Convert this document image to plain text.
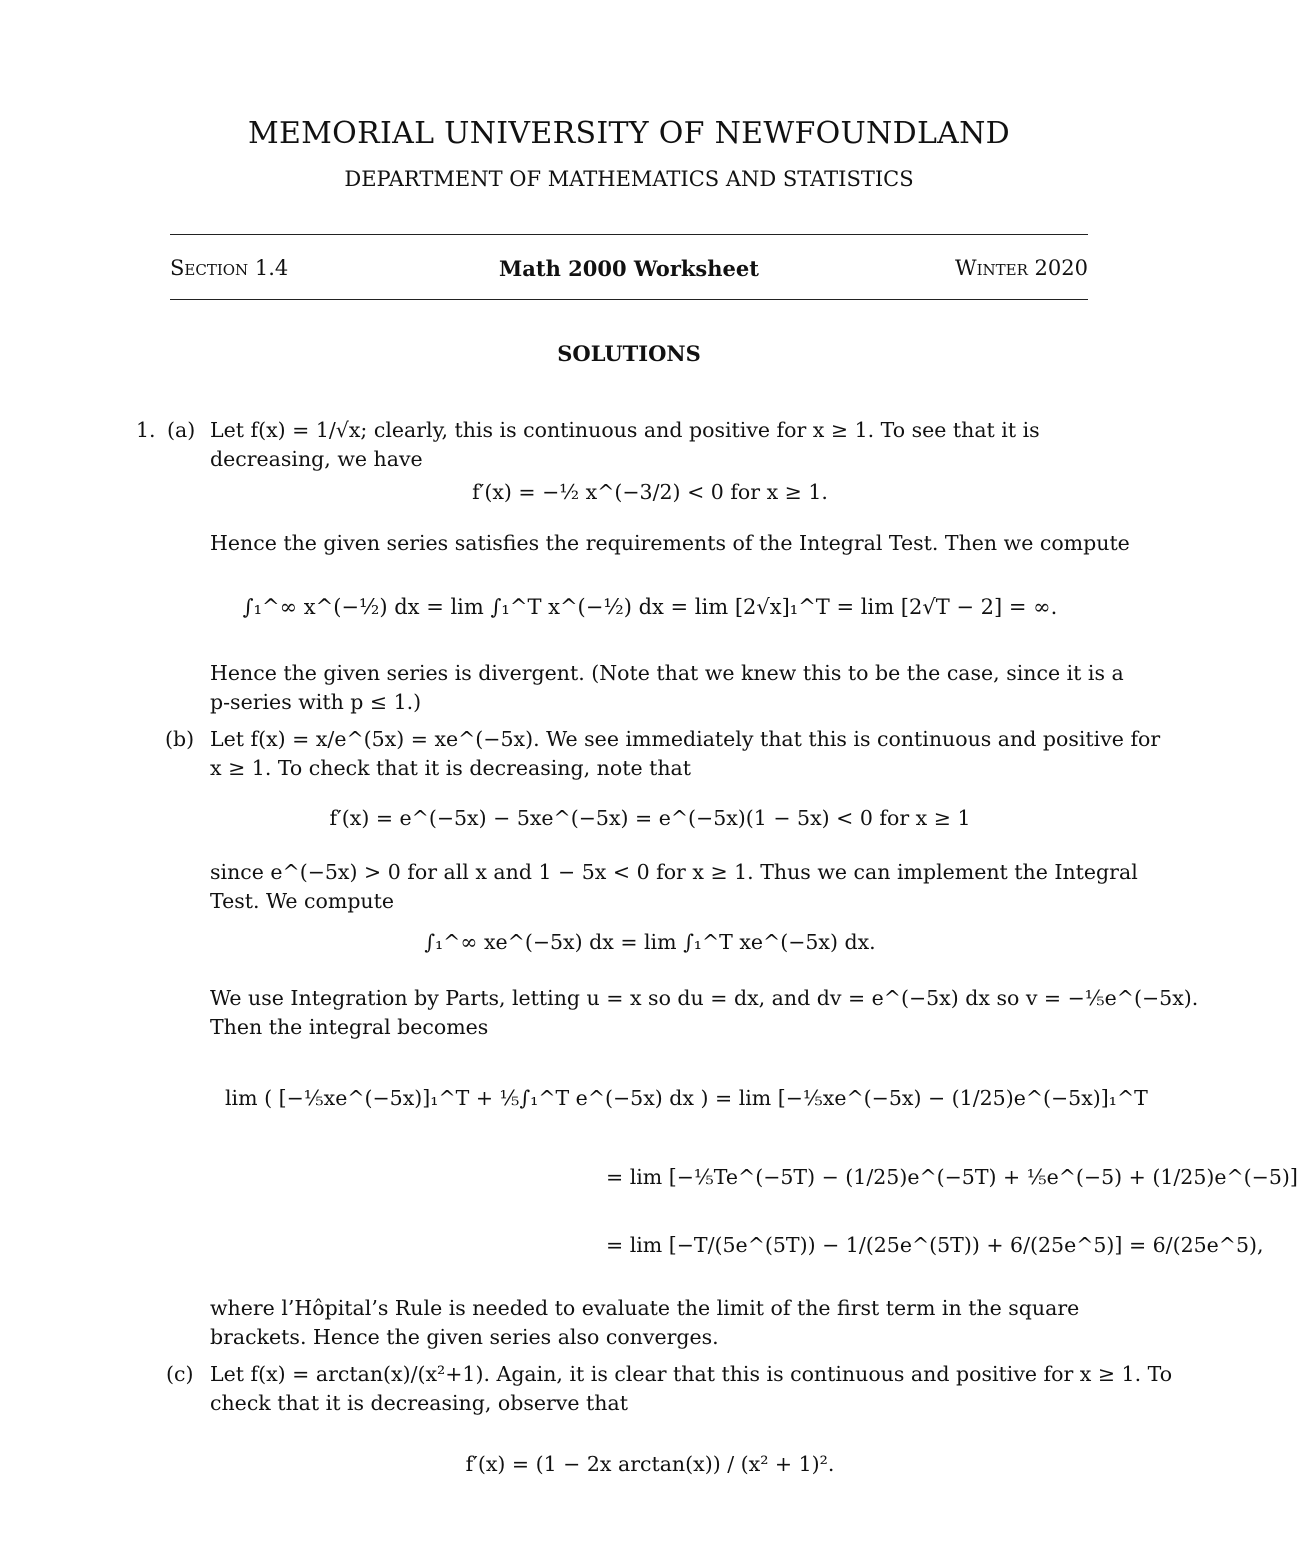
MEMORIAL UNIVERSITY OF NEWFOUNDLAND
DEPARTMENT OF MATHEMATICS AND STATISTICS
Section 1.4	Math 2000 Worksheet	Winter 2020
SOLUTIONS
1. (a) Let f(x) = 1/√x; clearly, this is continuous and positive for x ≥ 1. To see that it is
decreasing, we have
f′(x) = −½ x^(−3/2) < 0 for x ≥ 1.
Hence the given series satisfies the requirements of the Integral Test. Then we compute
∫₁^∞ x^(−½) dx = lim ∫₁^T x^(−½) dx = lim [2√x]₁^T = lim [2√T − 2] = ∞.
Hence the given series is divergent. (Note that we knew this to be the case, since it is a
p-series with p ≤ 1.)
(b) Let f(x) = x/e^(5x) = xe^(−5x). We see immediately that this is continuous and positive for
x ≥ 1. To check that it is decreasing, note that
f′(x) = e^(−5x) − 5xe^(−5x) = e^(−5x)(1 − 5x) < 0 for x ≥ 1
since e^(−5x) > 0 for all x and 1 − 5x < 0 for x ≥ 1. Thus we can implement the Integral
Test. We compute
∫₁^∞ xe^(−5x) dx = lim ∫₁^T xe^(−5x) dx.
We use Integration by Parts, letting u = x so du = dx, and dv = e^(−5x) dx so v = −⅕e^(−5x).
Then the integral becomes
lim ( [−⅕xe^(−5x)]₁^T + ⅕∫₁^T e^(−5x) dx ) = lim [−⅕xe^(−5x) − (1/25)e^(−5x)]₁^T
= lim [−⅕Te^(−5T) − (1/25)e^(−5T) + ⅕e^(−5) + (1/25)e^(−5)]
= lim [−T/(5e^(5T)) − 1/(25e^(5T)) + 6/(25e^5)] = 6/(25e^5),
where l’Hôpital’s Rule is needed to evaluate the limit of the first term in the square
brackets. Hence the given series also converges.
(c) Let f(x) = arctan(x)/(x²+1). Again, it is clear that this is continuous and positive for x ≥ 1. To
check that it is decreasing, observe that
f′(x) = (1 − 2x arctan(x)) / (x² + 1)².
